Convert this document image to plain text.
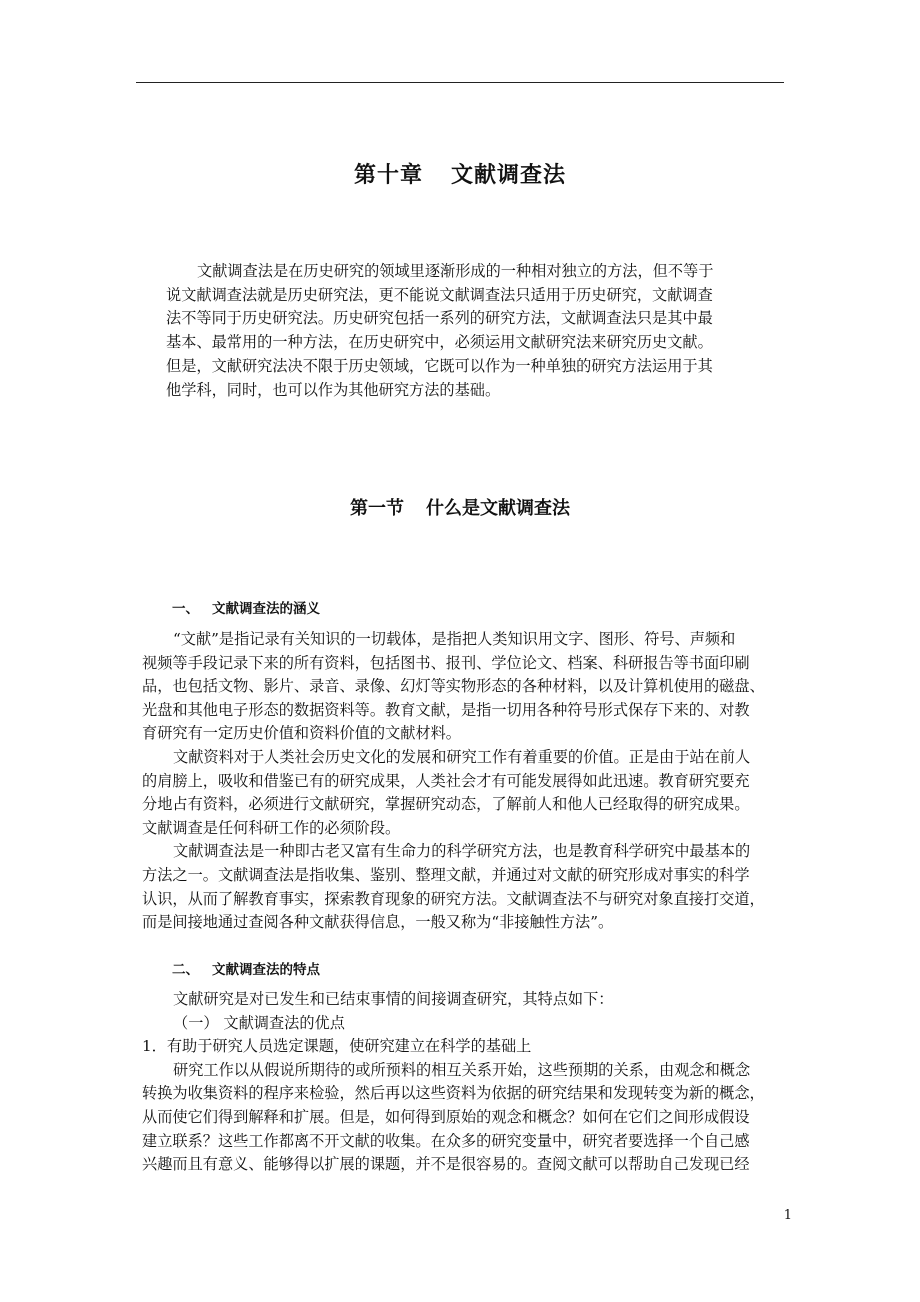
第十章 文献调查法
文献调查法是在历史研究的领域里逐渐形成的一种相对独立的方法，但不等于
说文献调查法就是历史研究法，更不能说文献调查法只适用于历史研究，文献调查
法不等同于历史研究法。历史研究包括一系列的研究方法，文献调查法只是其中最
基本、最常用的一种方法，在历史研究中，必须运用文献研究法来研究历史文献。
但是，文献研究法决不限于历史领域，它既可以作为一种单独的研究方法运用于其
他学科，同时，也可以作为其他研究方法的基础。
第一节 什么是文献调查法
一、 文献调查法的涵义
“文献”是指记录有关知识的一切载体，是指把人类知识用文字、图形、符号、声频和
视频等手段记录下来的所有资料，包括图书、报刊、学位论文、档案、科研报告等书面印刷
品，也包括文物、影片、录音、录像、幻灯等实物形态的各种材料，以及计算机使用的磁盘、
光盘和其他电子形态的数据资料等。教育文献，是指一切用各种符号形式保存下来的、对教
育研究有一定历史价值和资料价值的文献材料。
文献资料对于人类社会历史文化的发展和研究工作有着重要的价值。正是由于站在前人
的肩膀上，吸收和借鉴已有的研究成果，人类社会才有可能发展得如此迅速。教育研究要充
分地占有资料，必须进行文献研究，掌握研究动态，了解前人和他人已经取得的研究成果。
文献调查是任何科研工作的必须阶段。
文献调查法是一种即古老又富有生命力的科学研究方法，也是教育科学研究中最基本的
方法之一。文献调查法是指收集、鉴别、整理文献，并通过对文献的研究形成对事实的科学
认识，从而了解教育事实，探索教育现象的研究方法。文献调查法不与研究对象直接打交道，
而是间接地通过查阅各种文献获得信息，一般又称为“非接触性方法”。
二、 文献调查法的特点
文献研究是对已发生和已结束事情的间接调查研究，其特点如下：
（一） 文献调查法的优点
1．有助于研究人员选定课题，使研究建立在科学的基础上
研究工作以从假说所期待的或所预料的相互关系开始，这些预期的关系，由观念和概念
转换为收集资料的程序来检验，然后再以这些资料为依据的研究结果和发现转变为新的概念，
从而使它们得到解释和扩展。但是，如何得到原始的观念和概念？如何在它们之间形成假设
建立联系？这些工作都离不开文献的收集。在众多的研究变量中，研究者要选择一个自己感
兴趣而且有意义、能够得以扩展的课题，并不是很容易的。查阅文献可以帮助自己发现已经
1
